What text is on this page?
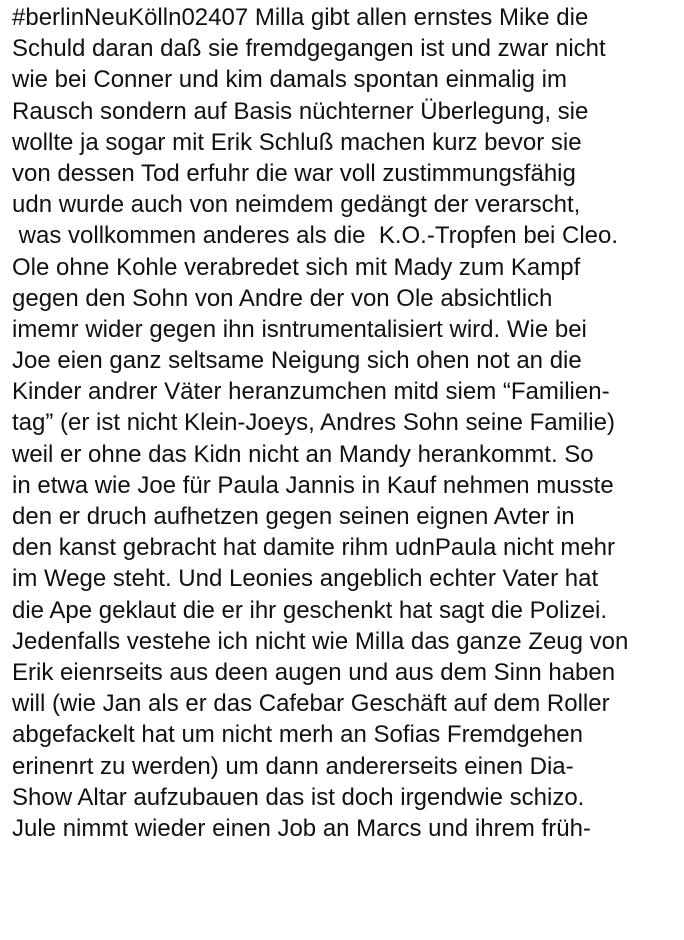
#berlinNeuKölln02407 Milla gibt allen ernstes Mike die
Schuld daran daß sie fremdgegangen ist und zwar nicht
wie bei Conner und kim damals spontan einmalig im
Rausch sondern auf Basis nüchterner Überlegung, sie
wollte ja sogar mit Erik Schluß machen kurz bevor sie
von dessen Tod erfuhr die war voll zustimmungsfähig
udn wurde auch von neimdem gedängt der verarscht,
was vollkommen anderes als die  K.O.-Tropfen bei Cleo.
Ole ohne Kohle verabredet sich mit Mady zum Kampf
gegen den Sohn von Andre der von Ole absichtlich
imemr wider gegen ihn isntrumentalisiert wird. Wie bei
Joe eien ganz seltsame Neigung sich ohen not an die
Kinder andrer Väter heranzumchen mitd siem “Familien-
tag” (er ist nicht Klein-Joeys, Andres Sohn seine Familie)
weil er ohne das Kidn nicht an Mandy herankommt. So
in etwa wie Joe für Paula Jannis in Kauf nehmen musste
den er druch aufhetzen gegen seinen eignen Avter in
den kanst gebracht hat damite rihm udnPaula nicht mehr
im Wege steht. Und Leonies angeblich echter Vater hat
die Ape geklaut die er ihr geschenkt hat sagt die Polizei.
Jedenfalls vestehe ich nicht wie Milla das ganze Zeug von
Erik eienrseits aus deen augen und aus dem Sinn haben
will (wie Jan als er das Cafebar Geschäft auf dem Roller
abgefackelt hat um nicht merh an Sofias Fremdgehen
erinenrt zu werden) um dann andererseits einen Dia-
Show Altar aufzubauen das ist doch irgendwie schizo.
Jule nimmt wieder einen Job an Marcs und ihrem früh-
